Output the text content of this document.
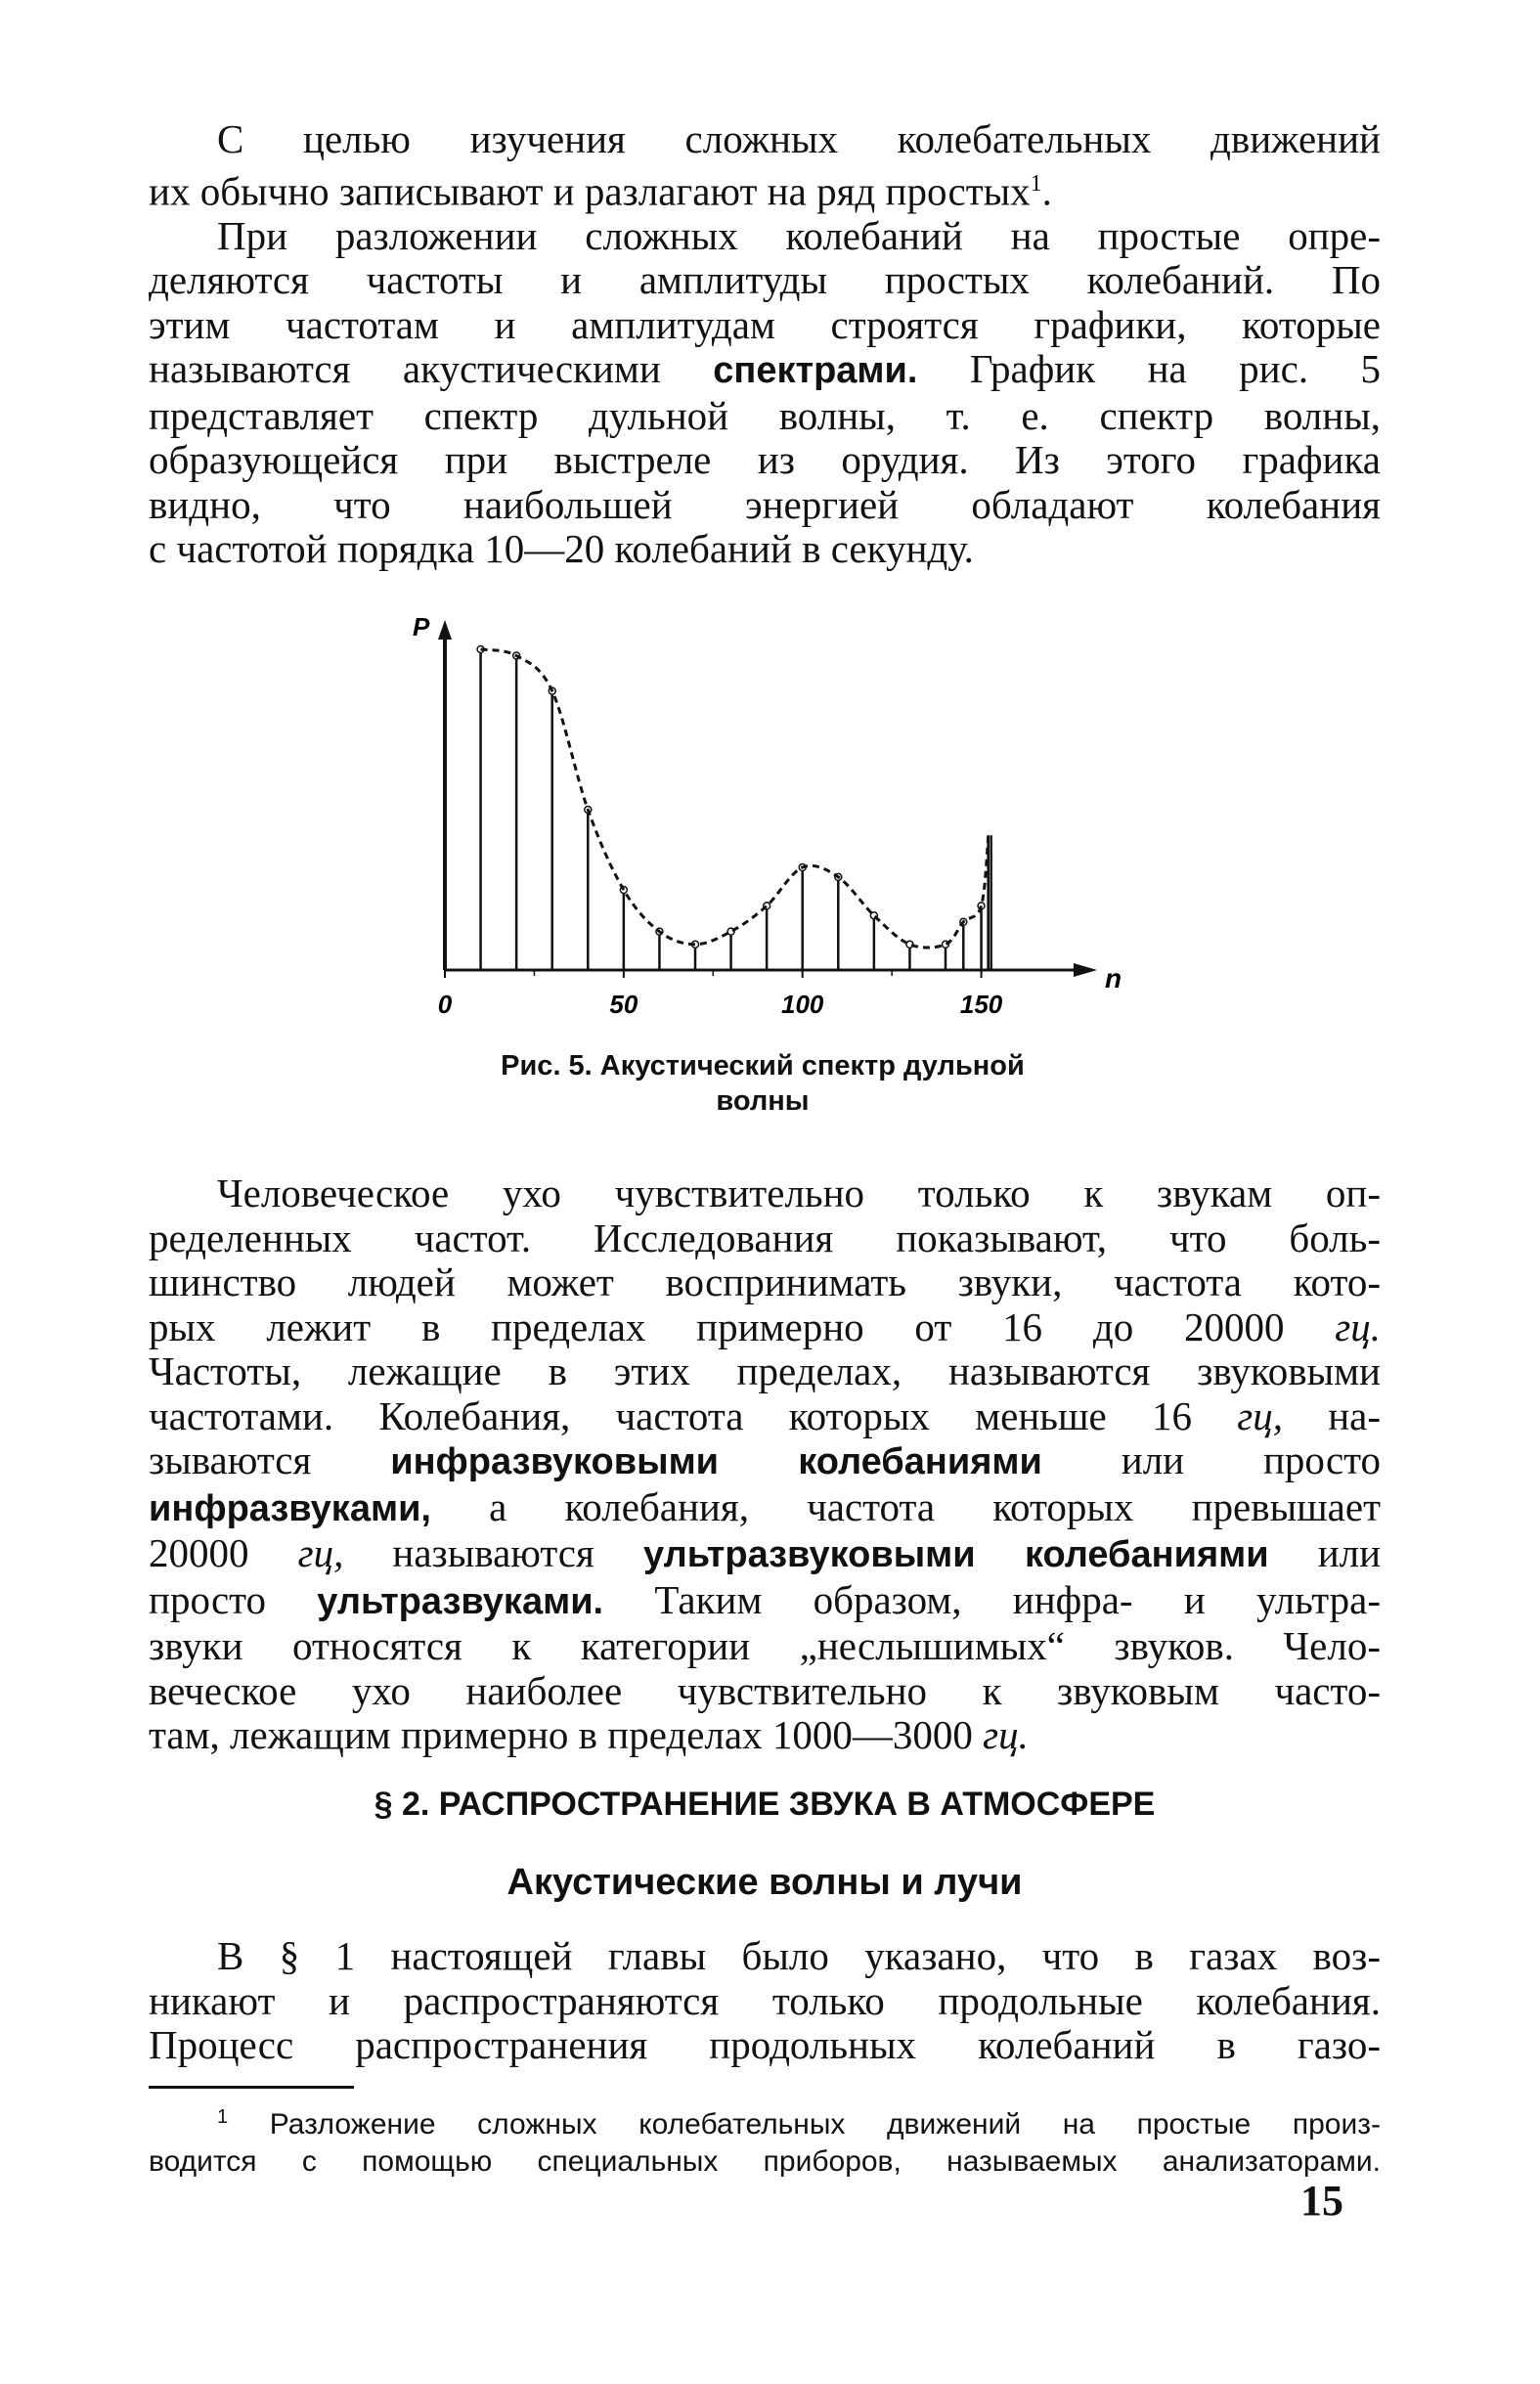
С целью изучения сложных колебательных движений
их обычно записывают и разлагают на ряд простых$^1$.
При разложении сложных колебаний на простые опре-
деляются частоты и амплитуды простых колебаний. По
этим частотам и амплитудам строятся графики, которые
называются акустическими спектрами. График на рис. 5
представляет спектр дульной волны, т. е. спектр волны,
образующейся при выстреле из орудия. Из этого графика
видно, что наибольшей энергией обладают колебания
с частотой порядка 10—20 колебаний в секунду.
0	50	100	150
P
n
Рис. 5. Акустический спектр дульной
волны
Человеческое ухо чувствительно только к звукам оп-
ределенных частот. Исследования показывают, что боль-
шинство людей может воспринимать звуки, частота кото-
рых лежит в пределах примерно от 16 до 20000 гц.
Частоты, лежащие в этих пределах, называются звуковыми
частотами. Колебания, частота которых меньше 16 гц, на-
зываются инфразвуковыми колебаниями или просто
инфразвуками, а колебания, частота которых превышает
20000 гц, называются ультразвуковыми колебаниями или
просто ультразвуками. Таким образом, инфра- и ультра-
звуки относятся к категории „неслышимых“ звуков. Чело-
веческое ухо наиболее чувствительно к звуковым часто-
там, лежащим примерно в пределах 1000—3000 гц.
§ 2. РАСПРОСТРАНЕНИЕ ЗВУКА В АТМОСФЕРЕ
Акустические волны и лучи
В § 1 настоящей главы было указано, что в газах воз-
никают и распространяются только продольные колебания.
Процесс распространения продольных колебаний в газо-
$^1$ Разложение сложных колебательных движений на простые произ-
водится с помощью специальных приборов, называемых анализаторами.
15
